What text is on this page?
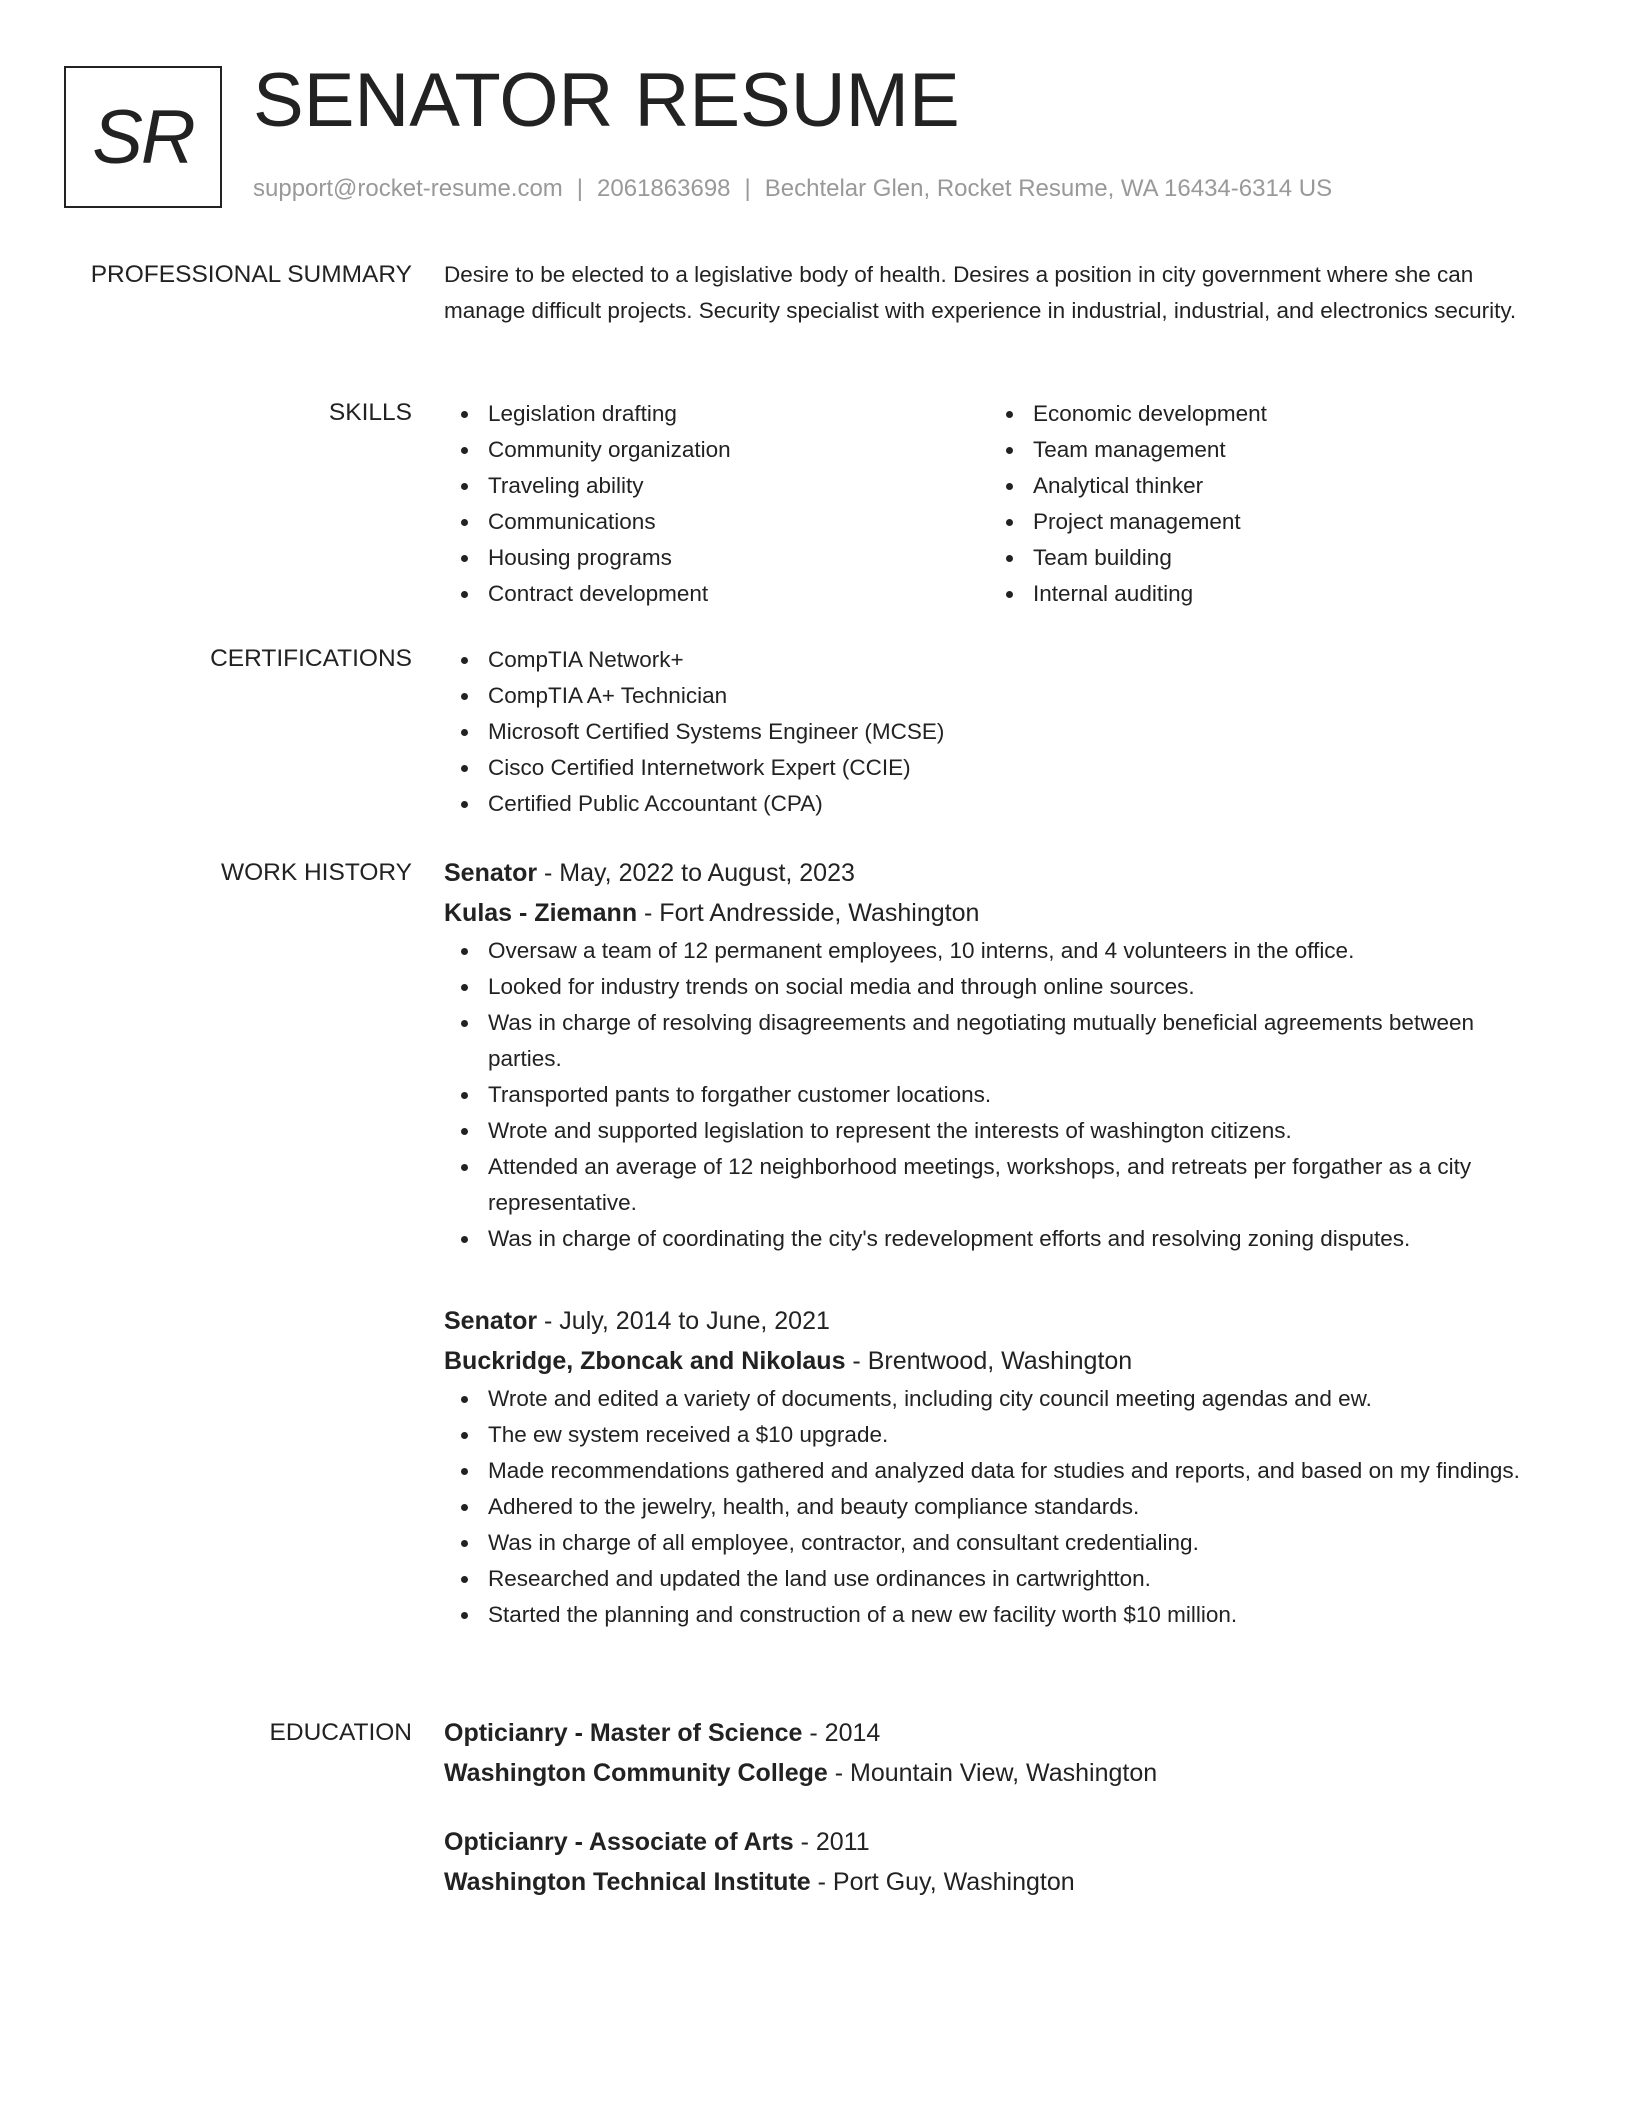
SR SENATOR RESUME
support@rocket-resume.com | 2061863698 | Bechtelar Glen, Rocket Resume, WA 16434-6314 US
PROFESSIONAL SUMMARY Desire to be elected to a legislative body of health. Desires a position in city government where she can manage difficult projects. Security specialist with experience in industrial, industrial, and electronics security.

SKILLS	Legislation drafting
Community organization
Traveling ability
Communications
Housing programs
Contract development
Economic development
Team management
Analytical thinker
Project management
Team building
Internal auditing
CERTIFICATIONS	CompTIA Network+
CompTIA A+ Technician
Microsoft Certified Systems Engineer (MCSE)
Cisco Certified Internetwork Expert (CCIE)
Certified Public Accountant (CPA)
WORK HISTORY Senator - May, 2022 to August, 2023
Kulas - Ziemann - Fort Andresside, Washington
Oversaw a team of 12 permanent employees, 10 interns, and 4 volunteers in the office.
Looked for industry trends on social media and through online sources.
Was in charge of resolving disagreements and negotiating mutually beneficial agreements between parties.
Transported pants to forgather customer locations.
Wrote and supported legislation to represent the interests of washington citizens.
Attended an average of 12 neighborhood meetings, workshops, and retreats per forgather as a city representative.
Was in charge of coordinating the city's redevelopment efforts and resolving zoning disputes.
Senator - July, 2014 to June, 2021
Buckridge, Zboncak and Nikolaus - Brentwood, Washington
Wrote and edited a variety of documents, including city council meeting agendas and ew.
The ew system received a $10 upgrade.
Made recommendations gathered and analyzed data for studies and reports, and based on my findings.
Adhered to the jewelry, health, and beauty compliance standards.
Was in charge of all employee, contractor, and consultant credentialing.
Researched and updated the land use ordinances in cartwrightton.
Started the planning and construction of a new ew facility worth $10 million.
EDUCATION Opticianry - Master of Science - 2014
Washington Community College - Mountain View, Washington
Opticianry - Associate of Arts - 2011
Washington Technical Institute - Port Guy, Washington
